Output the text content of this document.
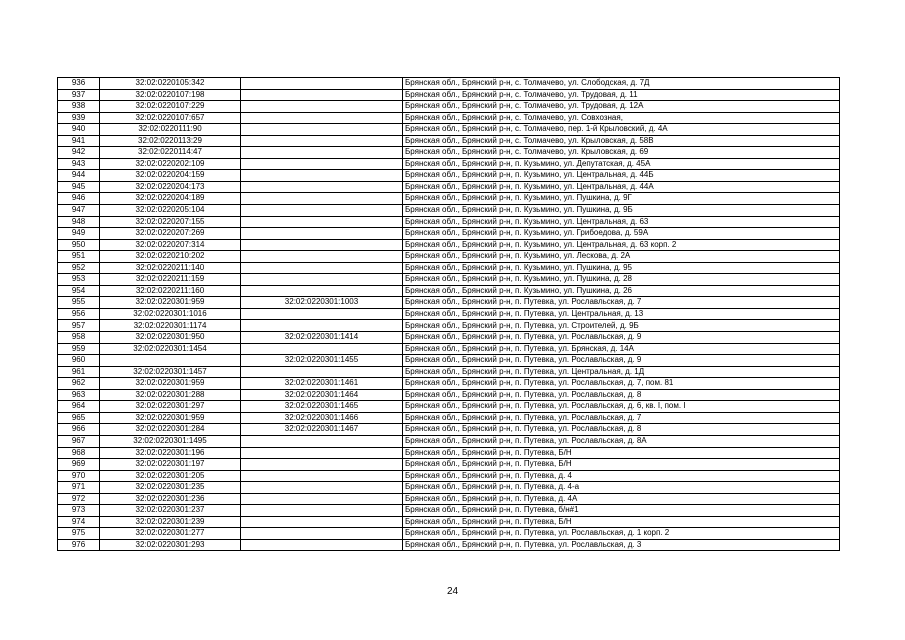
936	32:02:0220105:342		Брянская обл., Брянский р-н, с. Толмачево, ул. Слободская, д. 7Д
937	32:02:0220107:198		Брянская обл., Брянский р-н, с. Толмачево, ул. Трудовая, д. 11
938	32:02:0220107:229		Брянская обл., Брянский р-н, с. Толмачево, ул. Трудовая, д. 12А
939	32:02:0220107:657		Брянская обл., Брянский р-н, с. Толмачево, ул. Совхозная,
940	32:02:0220111:90		Брянская обл., Брянский р-н, с. Толмачево, пер. 1-й Крыловский, д. 4А
941	32:02:0220113:29		Брянская обл., Брянский р-н, с. Толмачево, ул. Крыловская, д. 58В
942	32:02:0220114:47		Брянская обл., Брянский р-н, с. Толмачево, ул. Крыловская, д. 69
943	32:02:0220202:109		Брянская обл., Брянский р-н, п. Кузьмино, ул. Депутатская, д. 45А
944	32:02:0220204:159		Брянская обл., Брянский р-н, п. Кузьмино, ул. Центральная, д. 44Б
945	32:02:0220204:173		Брянская обл., Брянский р-н, п. Кузьмино, ул. Центральная, д. 44А
946	32:02:0220204:189		Брянская обл., Брянский р-н, п. Кузьмино, ул. Пушкина, д. 9Г
947	32:02:0220205:104		Брянская обл., Брянский р-н, п. Кузьмино, ул. Пушкина, д. 9Б
948	32:02:0220207:155		Брянская обл., Брянский р-н, п. Кузьмино, ул. Центральная, д. 63
949	32:02:0220207:269		Брянская обл., Брянский р-н, п. Кузьмино, ул. Грибоедова, д. 59А
950	32:02:0220207:314		Брянская обл., Брянский р-н, п. Кузьмино, ул. Центральная, д. 63 корп. 2
951	32:02:0220210:202		Брянская обл., Брянский р-н, п. Кузьмино, ул. Лескова, д. 2А
952	32:02:0220211:140		Брянская обл., Брянский р-н, п. Кузьмино, ул. Пушкина, д. 95
953	32:02:0220211:159		Брянская обл., Брянский р-н, п. Кузьмино, ул. Пушкина, д. 28
954	32:02:0220211:160		Брянская обл., Брянский р-н, п. Кузьмино, ул. Пушкина, д. 26
955	32:02:0220301:959	32:02:0220301:1003	Брянская обл., Брянский р-н, п. Путевка, ул. Рославльская, д. 7
956	32:02:0220301:1016		Брянская обл., Брянский р-н, п. Путевка, ул. Центральная, д. 13
957	32:02:0220301:1174		Брянская обл., Брянский р-н, п. Путевка, ул. Строителей, д. 9Б
958	32:02:0220301:950	32:02:0220301:1414	Брянская обл., Брянский р-н, п. Путевка, ул. Рославльская, д. 9
959	32:02:0220301:1454		Брянская обл., Брянский р-н, п. Путевка, ул. Брянская, д. 14А
960		32:02:0220301:1455	Брянская обл., Брянский р-н, п. Путевка, ул. Рославльская, д. 9
961	32:02:0220301:1457		Брянская обл., Брянский р-н, п. Путевка, ул. Центральная, д. 1Д
962	32:02:0220301:959	32:02:0220301:1461	Брянская обл., Брянский р-н, п. Путевка, ул. Рославльская, д. 7, пом. 81
963	32:02:0220301:288	32:02:0220301:1464	Брянская обл., Брянский р-н, п. Путевка, ул. Рославльская, д. 8
964	32:02:0220301:297	32:02:0220301:1465	Брянская обл., Брянский р-н, п. Путевка, ул. Рославльская, д. 6, кв. I, пом. I
965	32:02:0220301:959	32:02:0220301:1466	Брянская обл., Брянский р-н, п. Путевка, ул. Рославльская, д. 7
966	32:02:0220301:284	32:02:0220301:1467	Брянская обл., Брянский р-н, п. Путевка, ул. Рославльская, д. 8
967	32:02:0220301:1495		Брянская обл., Брянский р-н, п. Путевка, ул. Рославльская, д. 8А
968	32:02:0220301:196		Брянская обл., Брянский р-н, п. Путевка, Б/Н
969	32:02:0220301:197		Брянская обл., Брянский р-н, п. Путевка, Б/Н
970	32:02:0220301:205		Брянская обл., Брянский р-н, п. Путевка, д. 4
971	32:02:0220301:235		Брянская обл., Брянский р-н, п. Путевка, д. 4-а
972	32:02:0220301:236		Брянская обл., Брянский р-н, п. Путевка, д. 4А
973	32:02:0220301:237		Брянская обл., Брянский р-н, п. Путевка, б/н#1
974	32:02:0220301:239		Брянская обл., Брянский р-н, п. Путевка, Б/Н
975	32:02:0220301:277		Брянская обл., Брянский р-н, п. Путевка, ул. Рославльская, д. 1 корп. 2
976	32:02:0220301:293		Брянская обл., Брянский р-н, п. Путевка, ул. Рославльская, д. 3
24
